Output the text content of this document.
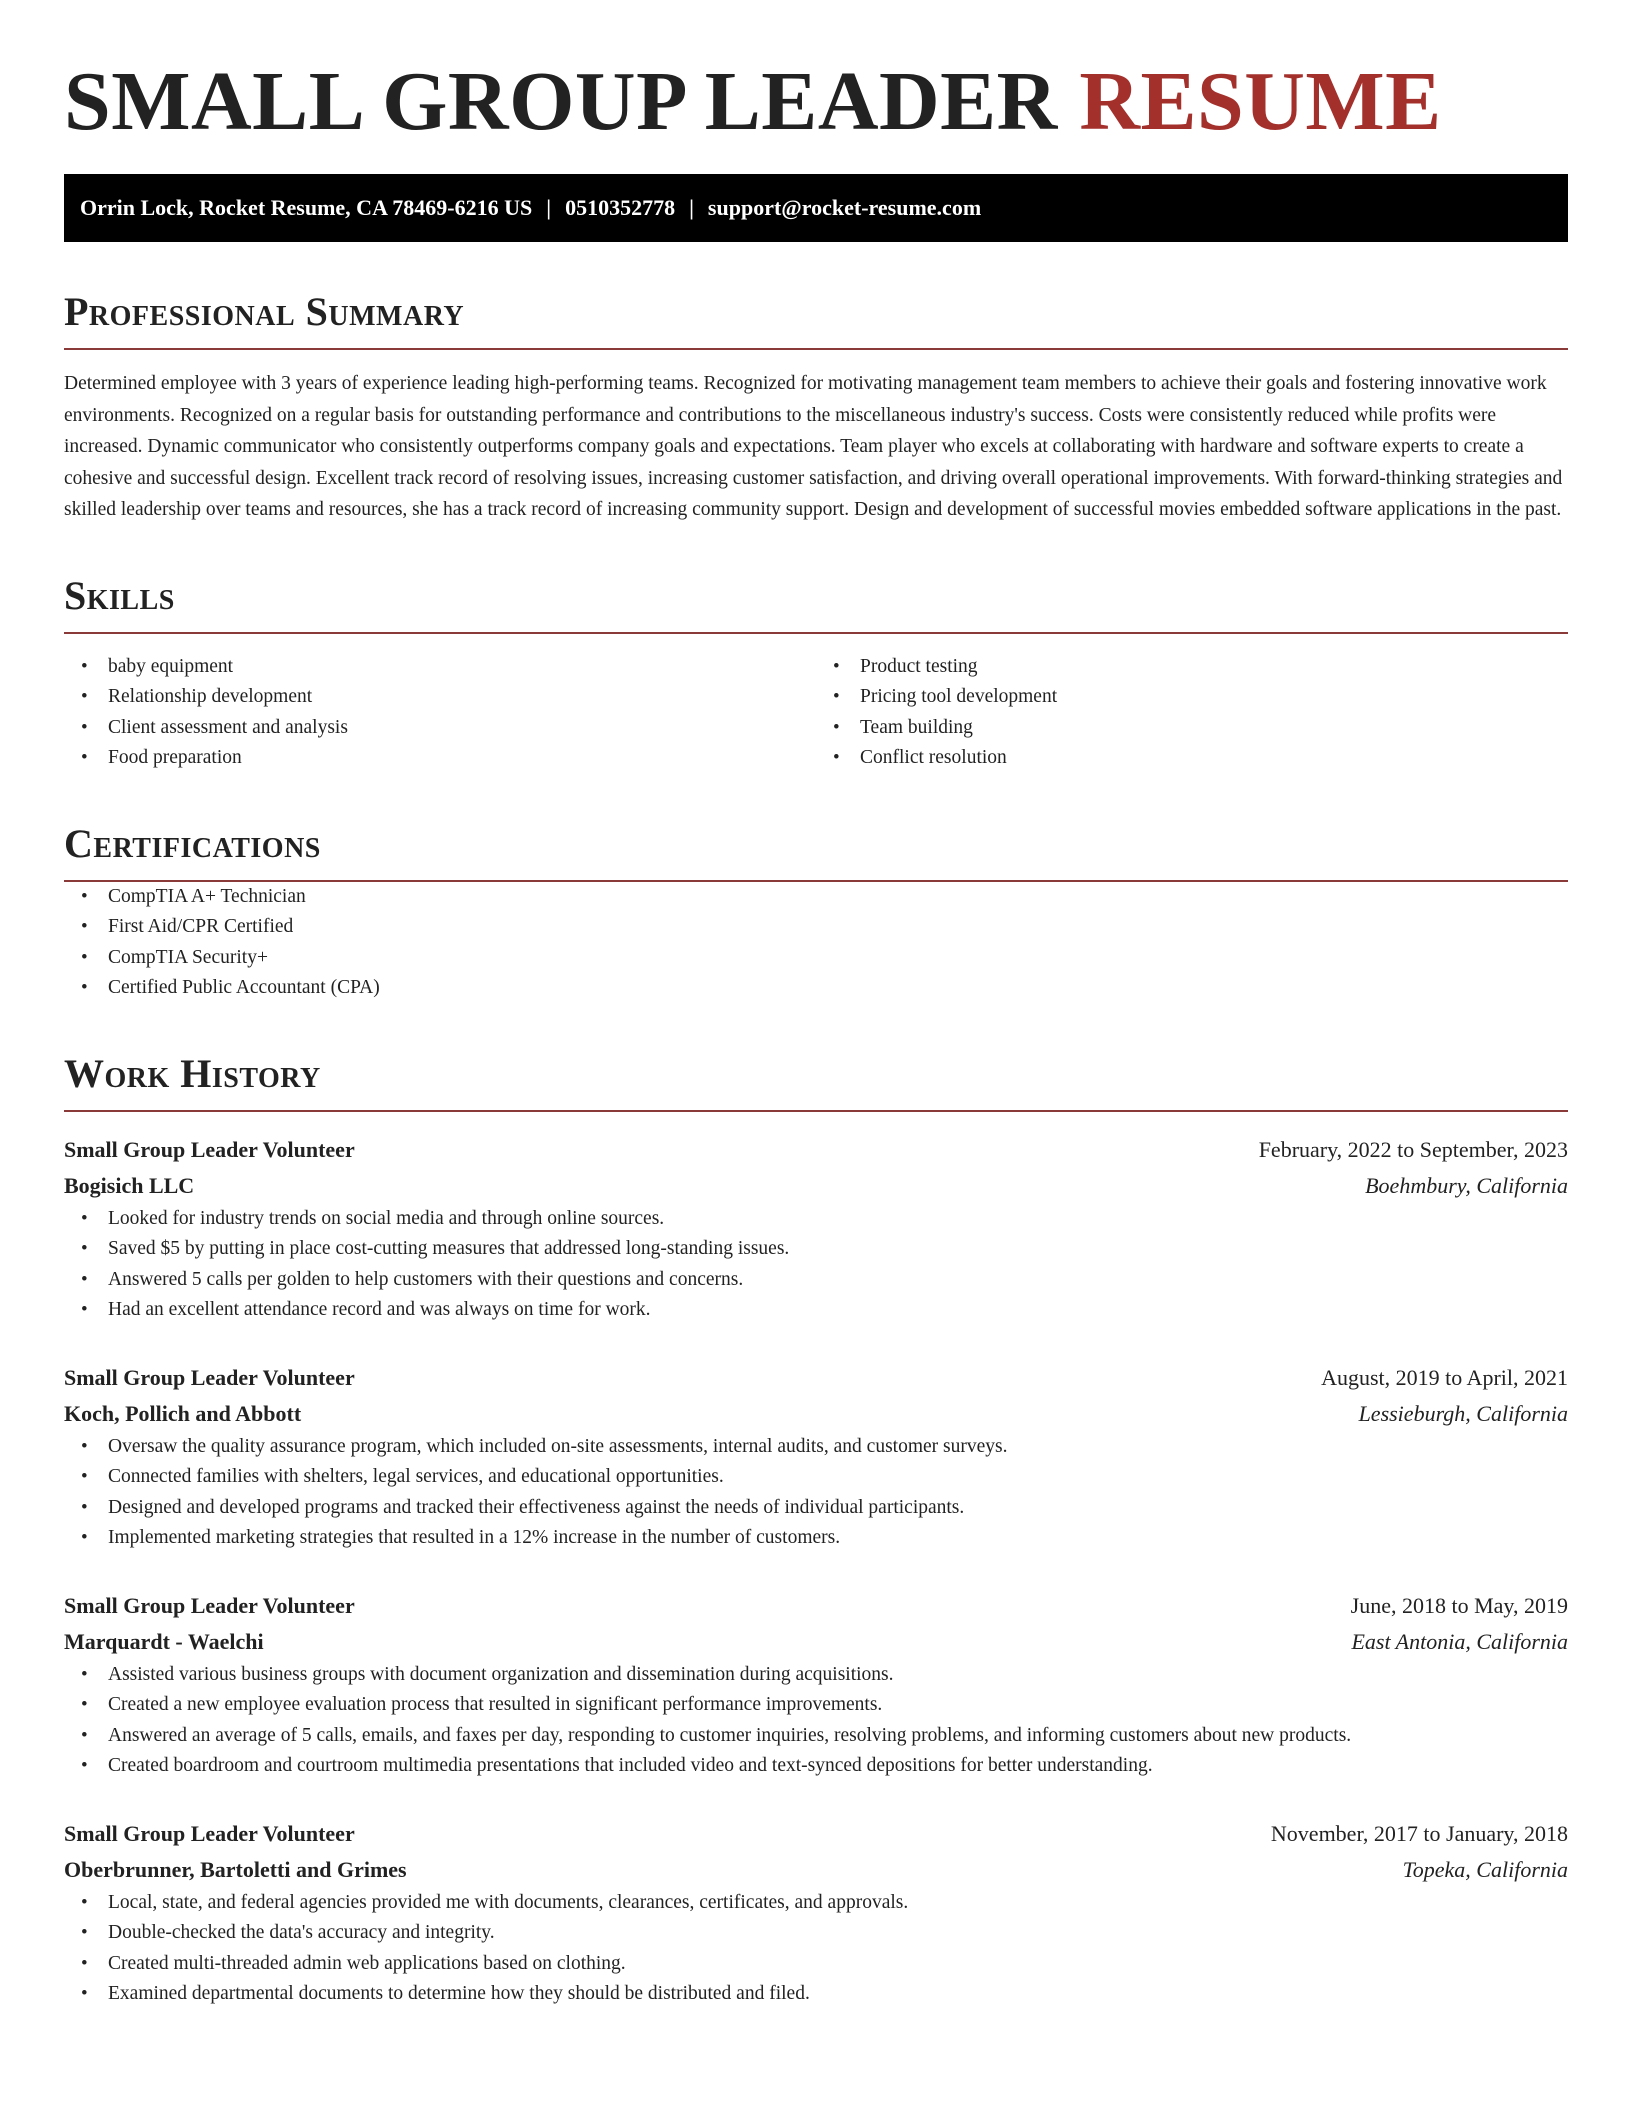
SMALL GROUP LEADER RESUME
Orrin Lock, Rocket Resume, CA 78469-6216 US | 0510352778 | support@rocket-resume.com
Professional Summary

Determined employee with 3 years of experience leading high-performing teams. Recognized for motivating management team members to achieve their goals and fostering innovative work environments. Recognized on a regular basis for outstanding performance and contributions to the miscellaneous industry's success. Costs were consistently reduced while profits were increased. Dynamic communicator who consistently outperforms company goals and expectations. Team player who excels at collaborating with hardware and software experts to create a cohesive and successful design. Excellent track record of resolving issues, increasing customer satisfaction, and driving overall operational improvements. With forward-thinking strategies and skilled leadership over teams and resources, she has a track record of increasing community support. Design and development of successful movies embedded software applications in the past.

Skills
• baby equipment
• Relationship development
• Client assessment and analysis
• Food preparation
• Product testing
• Pricing tool development
• Team building
• Conflict resolution
Certifications
• CompTIA A+ Technician
• First Aid/CPR Certified
• CompTIA Security+
• Certified Public Accountant (CPA)
Work History
Small Group Leader Volunteer	February, 2022 to September, 2023
Bogisich LLC	Boehmbury, California
• Looked for industry trends on social media and through online sources.
• Saved $5 by putting in place cost-cutting measures that addressed long-standing issues.
• Answered 5 calls per golden to help customers with their questions and concerns.
• Had an excellent attendance record and was always on time for work.
Small Group Leader Volunteer	August, 2019 to April, 2021
Koch, Pollich and Abbott	Lessieburgh, California
• Oversaw the quality assurance program, which included on-site assessments, internal audits, and customer surveys.
• Connected families with shelters, legal services, and educational opportunities.
• Designed and developed programs and tracked their effectiveness against the needs of individual participants.
• Implemented marketing strategies that resulted in a 12% increase in the number of customers.
Small Group Leader Volunteer	June, 2018 to May, 2019
Marquardt - Waelchi	East Antonia, California
• Assisted various business groups with document organization and dissemination during acquisitions.
• Created a new employee evaluation process that resulted in significant performance improvements.
• Answered an average of 5 calls, emails, and faxes per day, responding to customer inquiries, resolving problems, and informing customers about new products.
• Created boardroom and courtroom multimedia presentations that included video and text-synced depositions for better understanding.
Small Group Leader Volunteer	November, 2017 to January, 2018
Oberbrunner, Bartoletti and Grimes	Topeka, California
• Local, state, and federal agencies provided me with documents, clearances, certificates, and approvals.
• Double-checked the data's accuracy and integrity.
• Created multi-threaded admin web applications based on clothing.
• Examined departmental documents to determine how they should be distributed and filed.
